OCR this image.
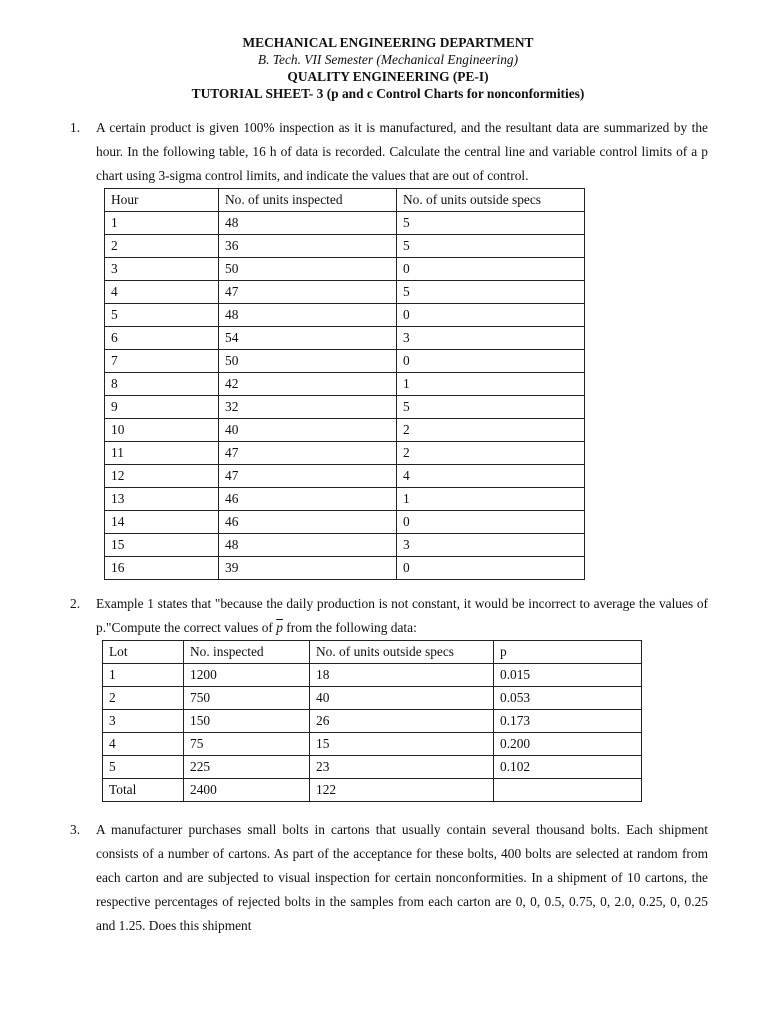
MECHANICAL ENGINEERING DEPARTMENT
B. Tech. VII Semester (Mechanical Engineering)
QUALITY ENGINEERING (PE-I)
TUTORIAL SHEET- 3 (p and c Control Charts for nonconformities)
1.	A certain product is given 100% inspection as it is manufactured, and the resultant data are summarized by the hour. In the following table, 16 h of data is recorded. Calculate the central line and variable control limits of a p chart using 3-sigma control limits, and indicate the values that are out of control.

Hour	No. of units inspected	No. of units outside specs
1	48	5
2	36	5
3	50	0
4	47	5
5	48	0
6	54	3
7	50	0
8	42	1
9	32	5
10	40	2
11	47	2
12	47	4
13	46	1
14	46	0
15	48	3
16	39	0
2.	Example 1 states that "because the daily production is not constant, it would be incorrect to average the values of p."Compute the correct values of $\overline{p}$ from the following data:

Lot	No. inspected	No. of units outside specs	p
1	1200	18	0.015
2	750	40	0.053
3	150	26	0.173
4	75	15	0.200
5	225	23	0.102
Total	2400	122	
3.	A manufacturer purchases small bolts in cartons that usually contain several thousand bolts. Each shipment consists of a number of cartons. As part of the acceptance for these bolts, 400 bolts are selected at random from each carton and are subjected to visual inspection for certain nonconformities. In a shipment of 10 cartons, the respective percentages of rejected bolts in the samples from each carton are 0, 0, 0.5, 0.75, 0, 2.0, 0.25, 0, 0.25 and 1.25. Does this shipment
